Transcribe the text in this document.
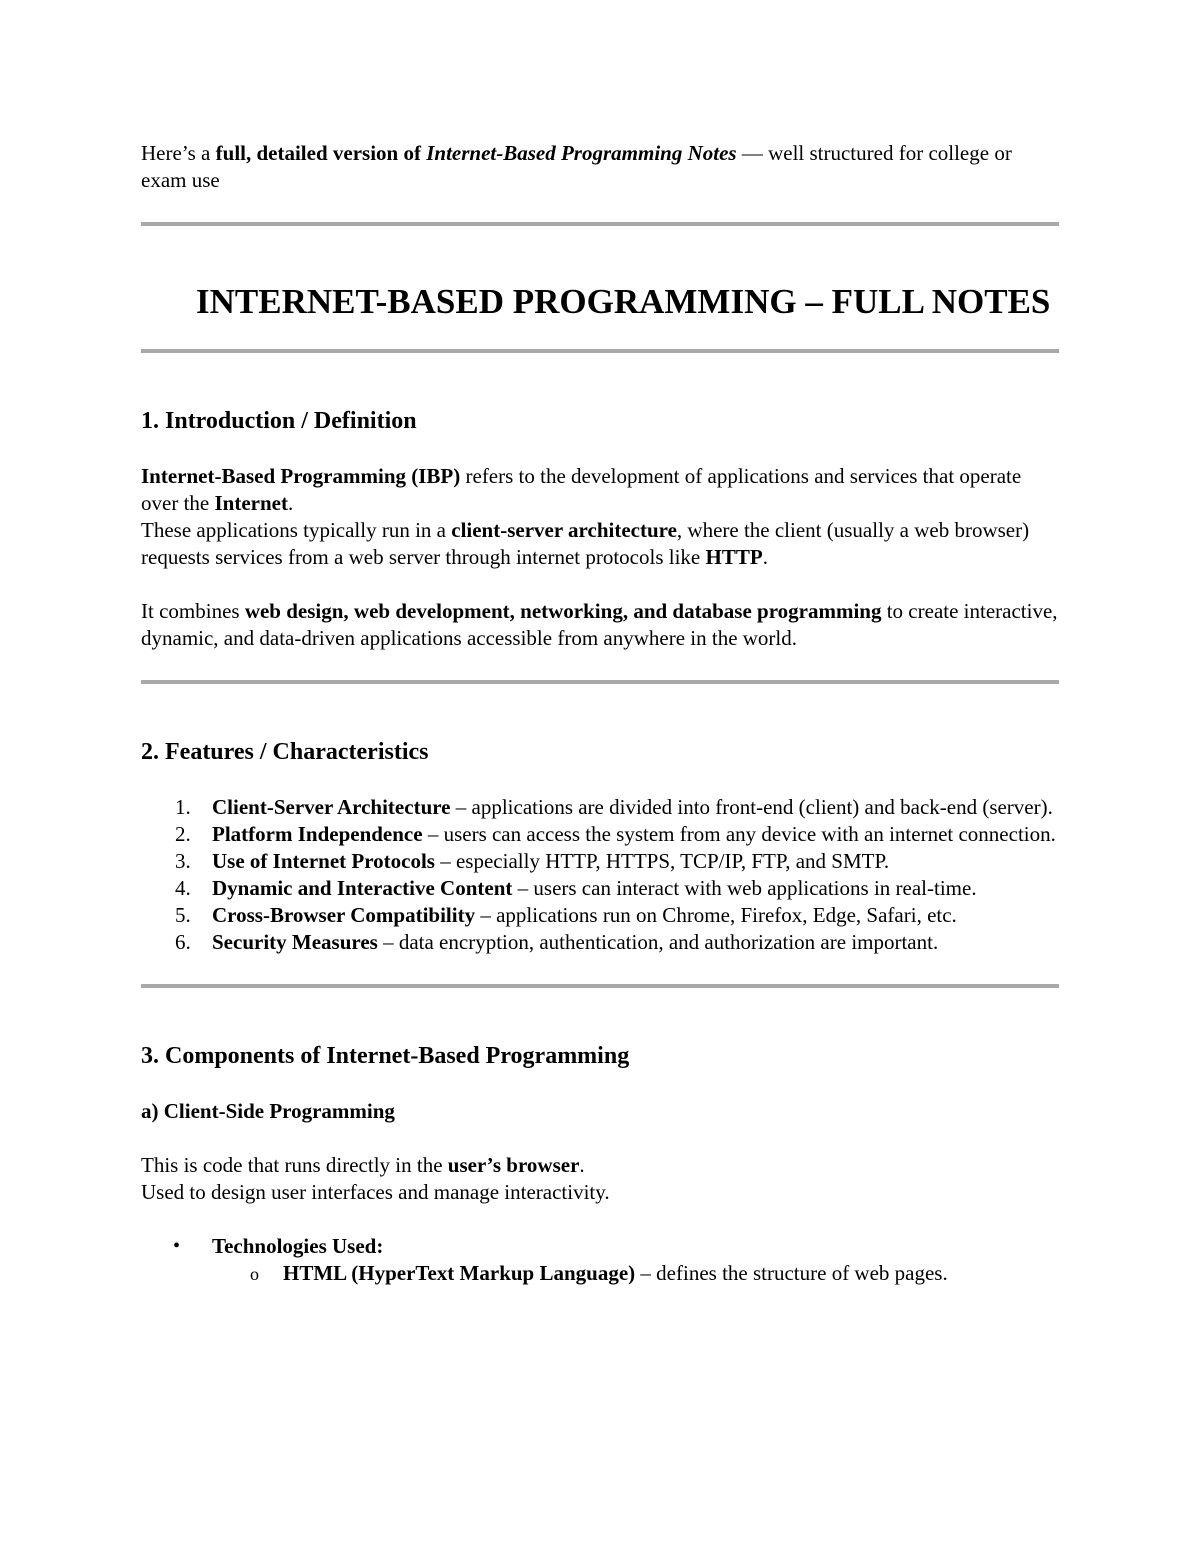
Here’s a full, detailed version of Internet-Based Programming Notes — well structured for college or exam use

INTERNET-BASED PROGRAMMING – FULL NOTES
1. Introduction / Definition

Internet-Based Programming (IBP) refers to the development of applications and services that operate over the Internet.
These applications typically run in a client-server architecture, where the client (usually a web browser) requests services from a web server through internet protocols like HTTP.

It combines web design, web development, networking, and database programming to create interactive, dynamic, and data-driven applications accessible from anywhere in the world.

2. Features / Characteristics
1. Client-Server Architecture – applications are divided into front-end (client) and back-end (server).
2. Platform Independence – users can access the system from any device with an internet connection.
3. Use of Internet Protocols – especially HTTP, HTTPS, TCP/IP, FTP, and SMTP.
4. Dynamic and Interactive Content – users can interact with web applications in real-time.
5. Cross-Browser Compatibility – applications run on Chrome, Firefox, Edge, Safari, etc.
6. Security Measures – data encryption, authentication, and authorization are important.
3. Components of Internet-Based Programming
a) Client-Side Programming

This is code that runs directly in the user’s browser.

Used to design user interfaces and manage interactivity.

• Technologies Used:
o HTML (HyperText Markup Language) – defines the structure of web pages.
